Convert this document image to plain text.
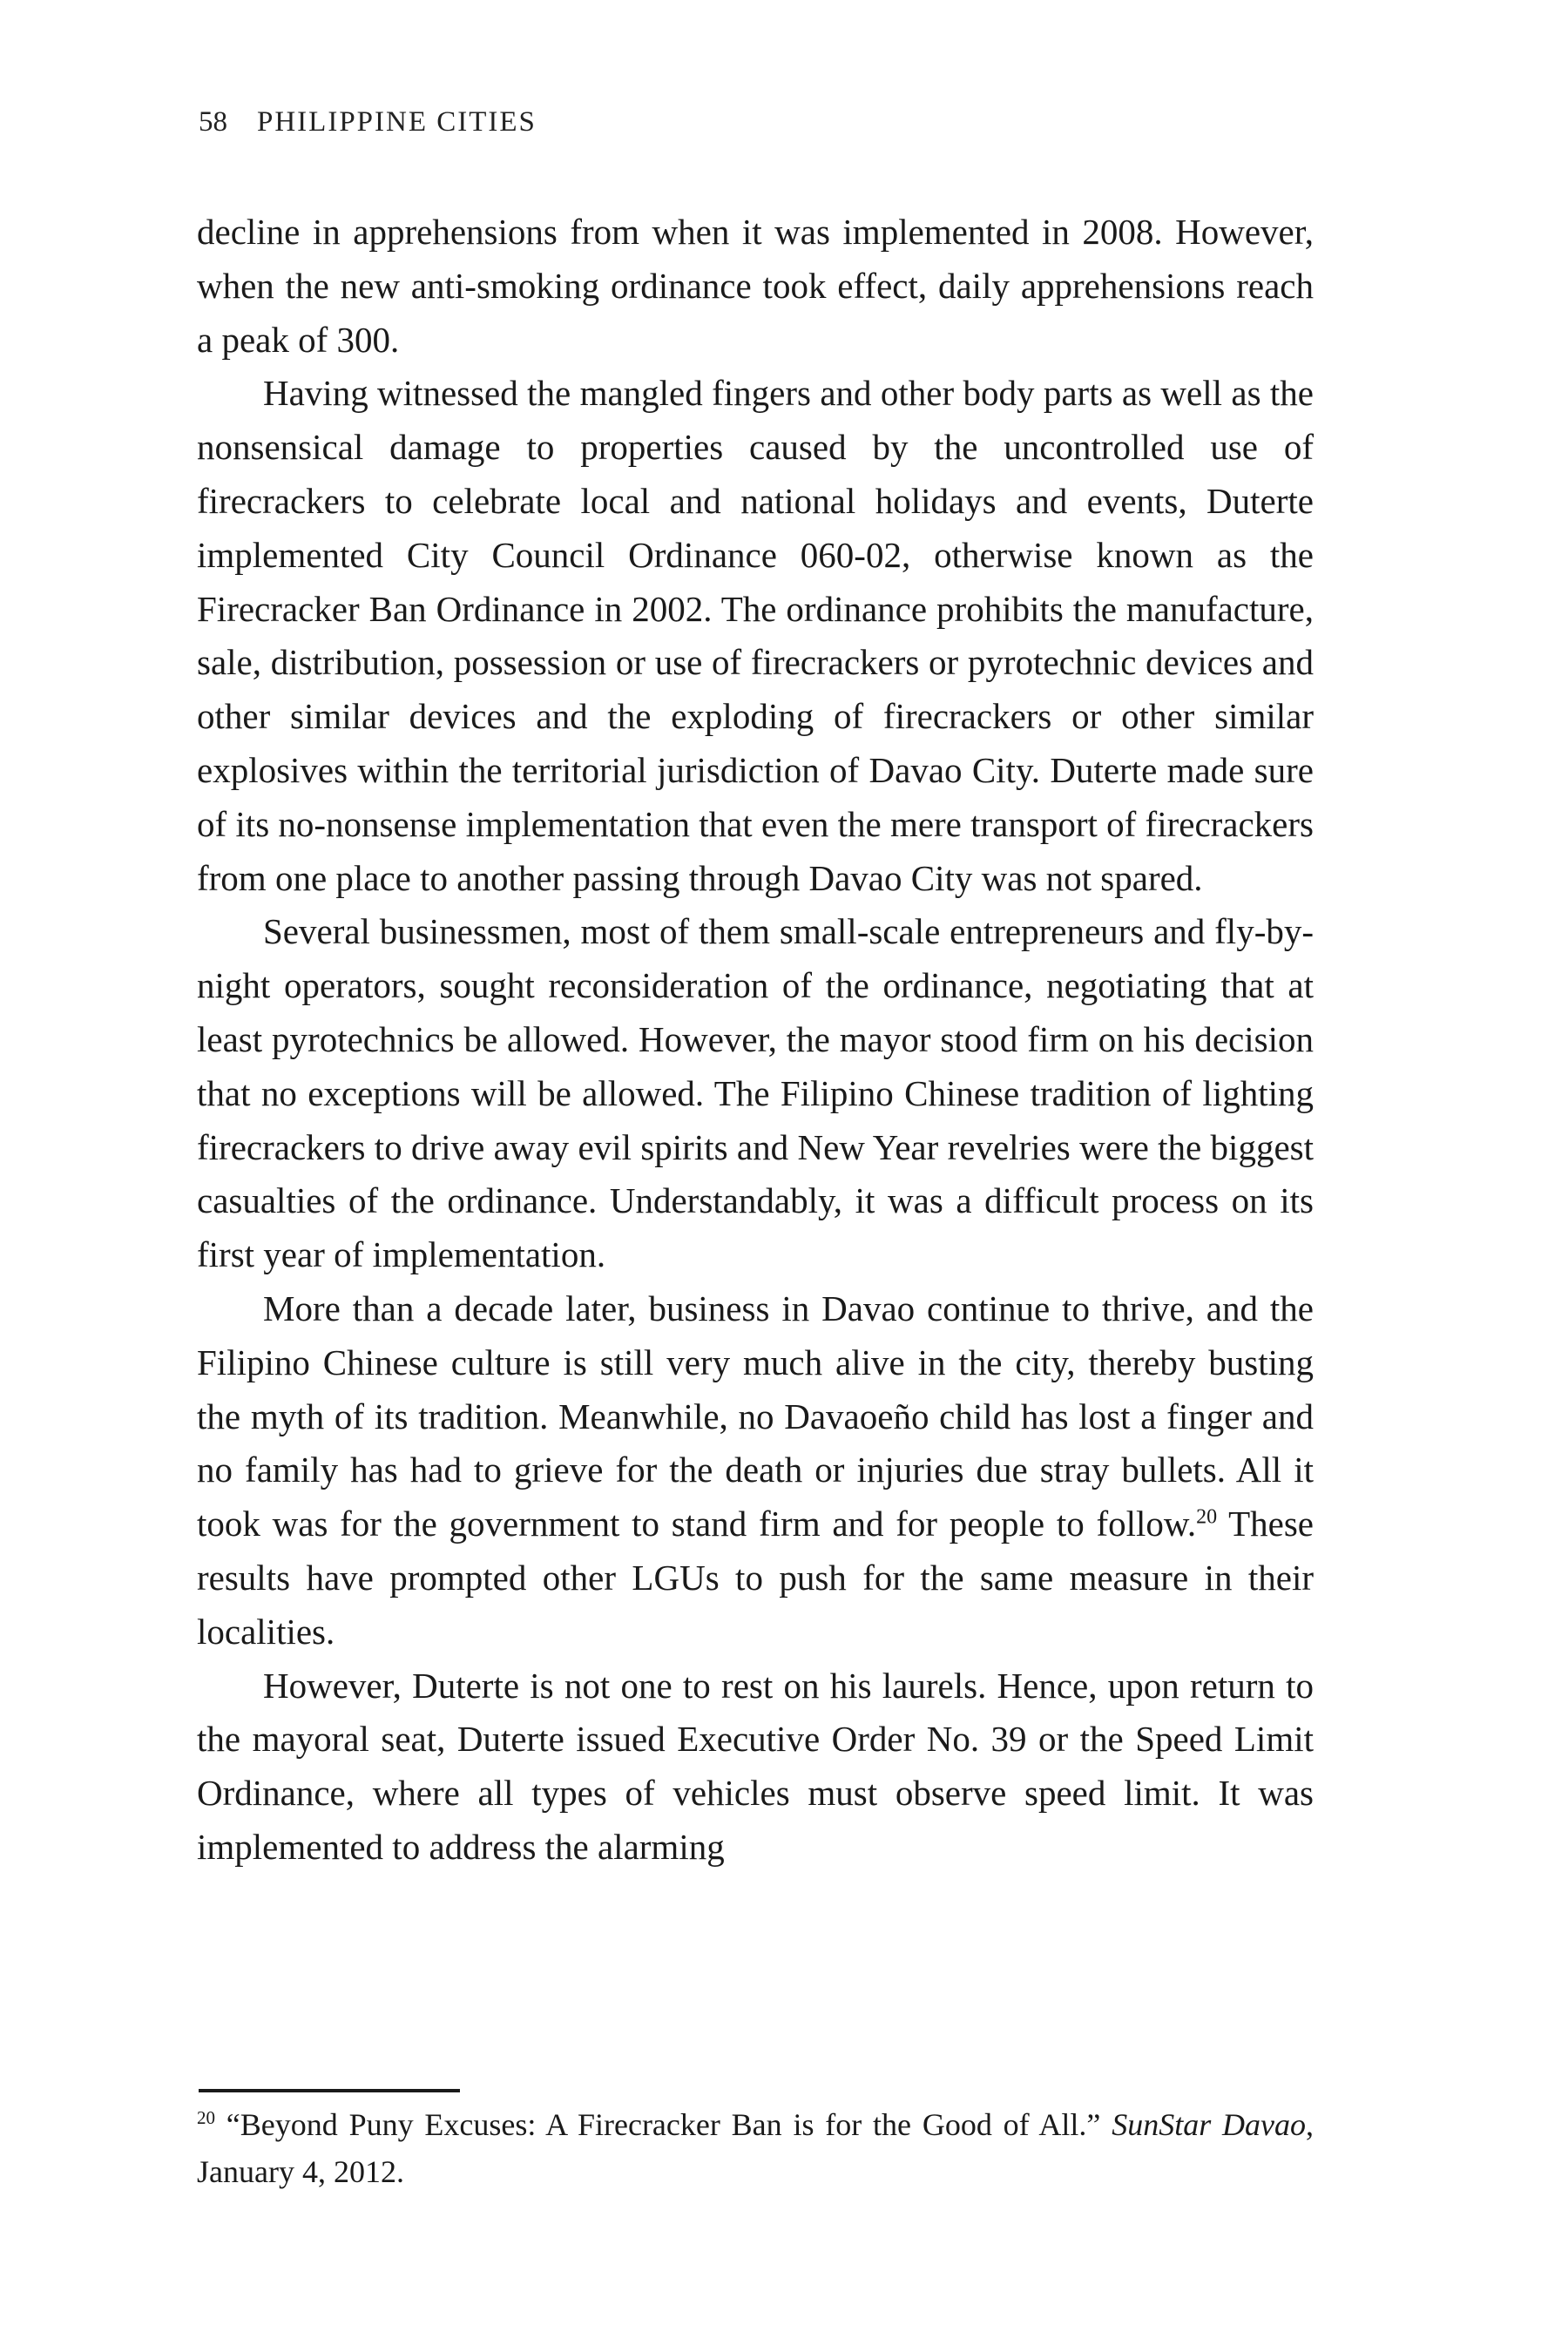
58 PHILIPPINE CITIES

decline in apprehensions from when it was implemented in 2008. However, when the new anti-smoking ordinance took effect, daily apprehensions reach a peak of 300.

Having witnessed the mangled fingers and other body parts as well as the nonsensical damage to properties caused by the uncontrolled use of firecrackers to celebrate local and national holidays and events, Duterte implemented City Council Ordinance 060-02, otherwise known as the Firecracker Ban Ordinance in 2002. The ordinance prohibits the manufacture, sale, distribution, possession or use of firecrackers or pyrotechnic devices and other similar devices and the exploding of firecrackers or other similar explosives within the territorial jurisdiction of Davao City. Duterte made sure of its no-nonsense implementation that even the mere transport of firecrackers from one place to another passing through Davao City was not spared.

Several businessmen, most of them small-scale entrepreneurs and fly-by-night operators, sought reconsideration of the ordinance, negotiating that at least pyrotechnics be allowed. However, the mayor stood firm on his decision that no exceptions will be allowed. The Filipino Chinese tradition of lighting firecrackers to drive away evil spirits and New Year revelries were the biggest casualties of the ordinance. Understandably, it was a difficult process on its first year of implementation.

More than a decade later, business in Davao continue to thrive, and the Filipino Chinese culture is still very much alive in the city, thereby busting the myth of its tradition. Meanwhile, no Davaoeño child has lost a finger and no family has had to grieve for the death or injuries due stray bullets. All it took was for the government to stand firm and for people to follow.$^{20}$ These results have prompted other LGUs to push for the same measure in their localities.

However, Duterte is not one to rest on his laurels. Hence, upon return to the mayoral seat, Duterte issued Executive Order No. 39 or the Speed Limit Ordinance, where all types of vehicles must observe speed limit. It was implemented to address the alarming

$^{20}$ “Beyond Puny Excuses: A Firecracker Ban is for the Good of All.” SunStar Davao, January 4, 2012.
